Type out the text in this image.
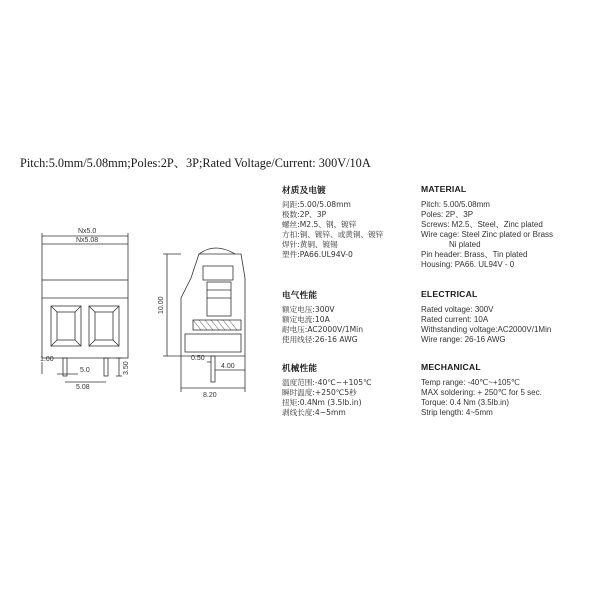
Pitch:5.0mm/5.08mm;Poles:2P、3P;Rated Voltage/Current: 300V/10A
Nx5.0
Nx5.08
1.00
5.0
5.08
3.50
10.00
0.50
4.00
8.20
材质及电镀
间距:5.00/5.08mm
极数:2P、3P
螺丝:M2.5、钢、镀锌
方扣:铜、镀锌、或黄铜、镀锌
焊针:黄铜、镀锡
塑件:PA66.UL94V-0
电气性能
额定电压:300V
额定电流:10A
耐电压:AC2000V/1Min
使用线径:26-16 AWG
机械性能
温度范围:-40℃~+105℃
瞬时温度:+250℃5秒
扭矩:0.4Nm (3.5lb.in)
剥线长度:4~5mm
MATERIAL
Pitch: 5.00/5.08mm
Poles: 2P、3P
Screws: M2.5、Steel、Zinc plated
Wire cage: Steel Zinc plated or Brass
Ni plated
Pin header: Brass、Tin plated
Housing: PA66. UL94V - 0
ELECTRICAL
Rated voltage: 300V
Rated current: 10A
Withstanding voltage:AC2000V/1Min
Wire range: 26-16 AWG
MECHANICAL
Temp range: -40℃~+105℃
MAX soldering: + 250℃ for 5 sec.
Torque: 0.4 Nm (3.5lb.in)
Strip length: 4~5mm
